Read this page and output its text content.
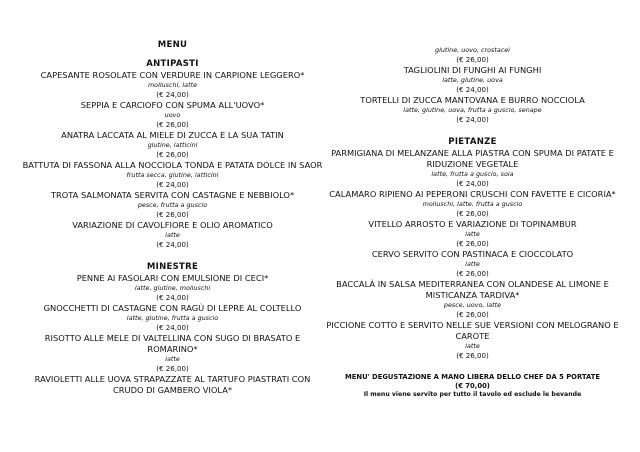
MENU
ANTIPASTI
CAPESANTE ROSOLATE CON VERDURE IN CARPIONE LEGGERO*
molluschi, latte
(€ 24,00)
SEPPIA E CARCIOFO CON SPUMA ALL'UOVO*
uovo
(€ 26,00)
ANATRA LACCATA AL MIELE DI ZUCCA E LA SUA TATIN
glutine, latticini
(€ 26,00)
BATTUTA DI FASSONA ALLA NOCCIOLA TONDA E PATATA DOLCE IN SAOR
frutta secca, glutine, latticini
(€ 24,00)
TROTA SALMONATA SERVITA CON CASTAGNE E NEBBIOLO*
pesce, frutta a guscio
(€ 26,00)
VARIAZIONE DI CAVOLFIORE E OLIO AROMATICO
latte
(€ 24,00)
MINESTRE
PENNE AI FASOLARI CON EMULSIONE DI CECI*
latte, glutine, molluschi
(€ 24,00)
GNOCCHETTI DI CASTAGNE CON RAGÙ DI LEPRE AL COLTELLO
latte, glutine, frutta a guscio
(€ 24,00)
RISOTTO ALLE MELE DI VALTELLINA CON SUGO DI BRASATO E ROMARINO*
latte
(€ 26,00)
RAVIOLETTI ALLE UOVA STRAPAZZATE AL TARTUFO PIASTRATI CON CRUDO DI GAMBERO VIOLA*
glutine, uovo, crostacei
(€ 26,00)
TAGLIOLINI DI FUNGHI AI FUNGHI
latte, glutine, uova
(€ 24,00)
TORTELLI DI ZUCCA MANTOVANA E BURRO NOCCIOLA
latte, glutine, uova, frutta a guscio, senape
(€ 24,00)
PIETANZE
PARMIGIANA DI MELANZANE ALLA PIASTRA CON SPUMA DI PATATE E RIDUZIONE VEGETALE
latte, frutta a guscio, soia
(€ 24,00)
CALAMARO RIPIENO AI PEPERONI CRUSCHI CON FAVETTE E CICORIA*
molluschi, latte, frutta a guscio
(€ 26,00)
VITELLO ARROSTO E VARIAZIONE DI TOPINAMBUR
latte
(€ 26,00)
CERVO SERVITO CON PASTINACA E CIOCCOLATO
latte
(€ 26,00)
BACCALÀ IN SALSA MEDITERRANEA CON OLANDESE AL LIMONE E MISTICANZA TARDIVA*
pesce, uovo, latte
(€ 26,00)
PICCIONE COTTO E SERVITO NELLE SUE VERSIONI CON MELOGRANO E CAROTE
latte
(€ 26,00)
MENU' DEGUSTAZIONE A MANO LIBERA DELLO CHEF DA 5 PORTATE
(€ 70,00)
Il menu viene servito per tutto il tavolo ed esclude le bevande
